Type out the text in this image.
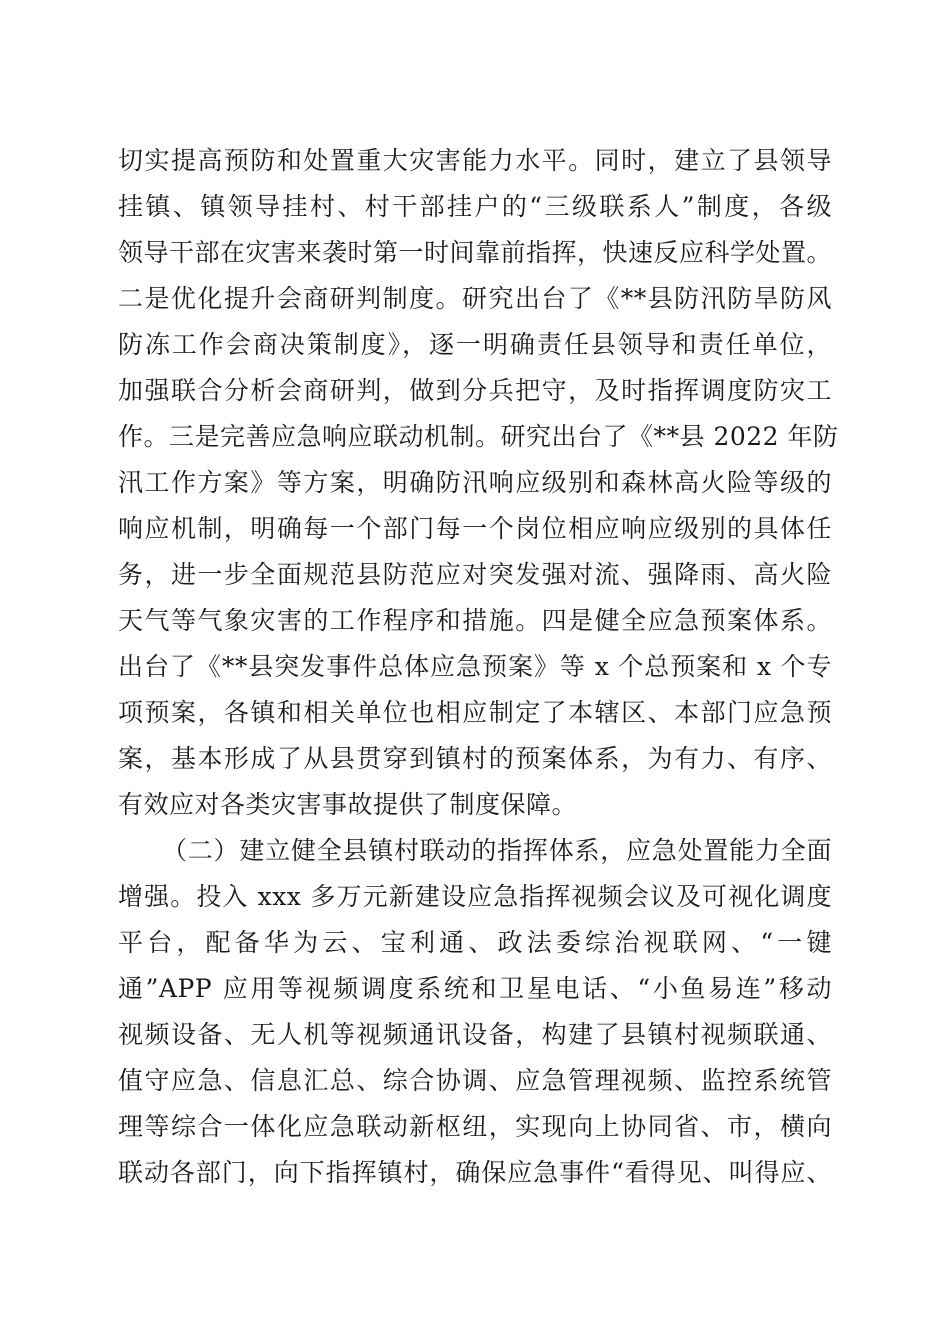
切实提高预防和处置重大灾害能力水平。同时，建立了县领导
挂镇、镇领导挂村、村干部挂户的“三级联系人”制度，各级
领导干部在灾害来袭时第一时间靠前指挥，快速反应科学处置。
二是优化提升会商研判制度。研究出台了《**县防汛防旱防风
防冻工作会商决策制度》，逐一明确责任县领导和责任单位，
加强联合分析会商研判，做到分兵把守，及时指挥调度防灾工
作。三是完善应急响应联动机制。研究出台了《**县 2022 年防
汛工作方案》等方案，明确防汛响应级别和森林高火险等级的
响应机制，明确每一个部门每一个岗位相应响应级别的具体任
务，进一步全面规范县防范应对突发强对流、强降雨、高火险
天气等气象灾害的工作程序和措施。四是健全应急预案体系。
出台了《**县突发事件总体应急预案》等 x 个总预案和 x 个专
项预案，各镇和相关单位也相应制定了本辖区、本部门应急预
案，基本形成了从县贯穿到镇村的预案体系，为有力、有序、
有效应对各类灾害事故提供了制度保障。
（二）建立健全县镇村联动的指挥体系，应急处置能力全面
增强。投入 xxx 多万元新建设应急指挥视频会议及可视化调度
平台，配备华为云、宝利通、政法委综治视联网、“一键
通”APP 应用等视频调度系统和卫星电话、“小鱼易连”移动
视频设备、无人机等视频通讯设备，构建了县镇村视频联通、
值守应急、信息汇总、综合协调、应急管理视频、监控系统管
理等综合一体化应急联动新枢纽，实现向上协同省、市，横向
联动各部门，向下指挥镇村，确保应急事件“看得见、叫得应、
